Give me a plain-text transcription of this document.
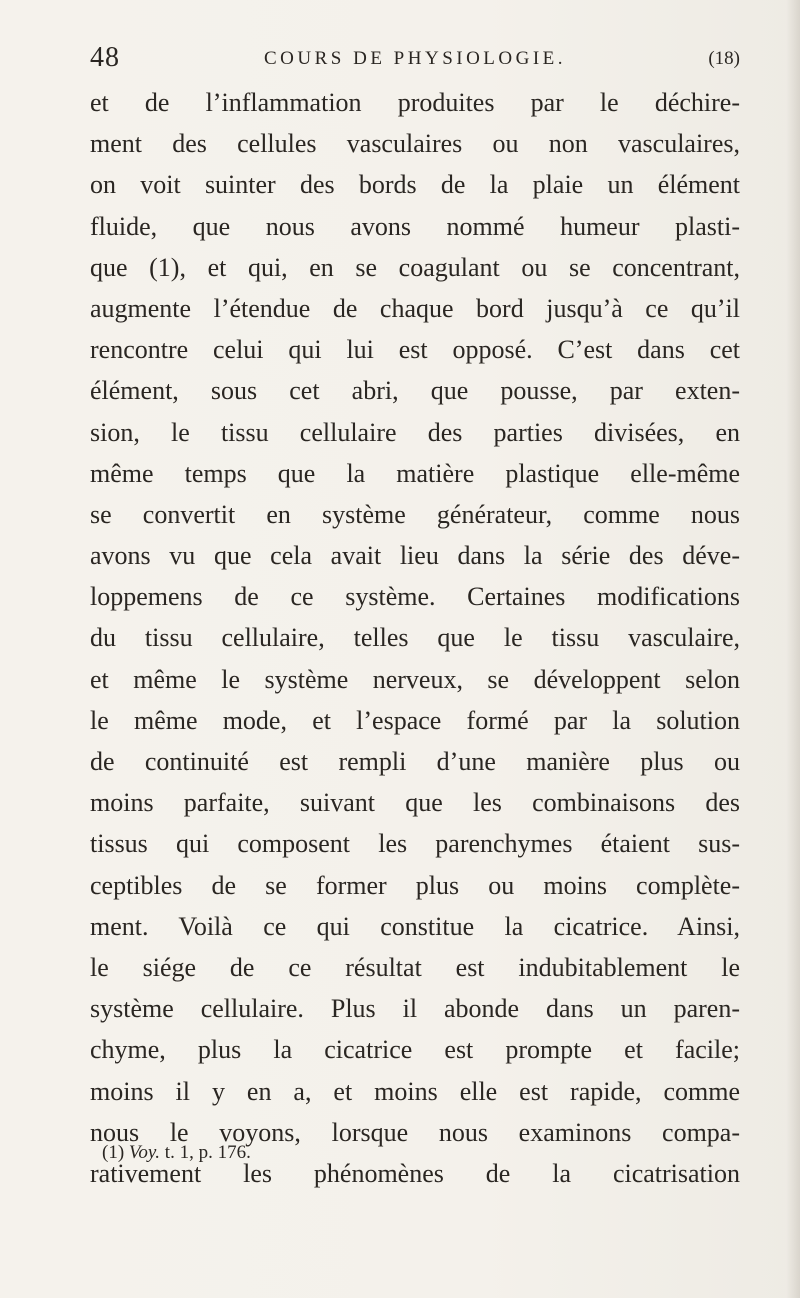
48	COURS DE PHYSIOLOGIE.	(18)
et de l’inflammation produites par le déchire-
ment des cellules vasculaires ou non vasculaires,
on voit suinter des bords de la plaie un élément
fluide, que nous avons nommé humeur plasti-
que (1), et qui, en se coagulant ou se concentrant,
augmente l’étendue de chaque bord jusqu’à ce qu’il
rencontre celui qui lui est opposé. C’est dans cet
élément, sous cet abri, que pousse, par exten-
sion, le tissu cellulaire des parties divisées, en
même temps que la matière plastique elle-même
se convertit en système générateur, comme nous
avons vu que cela avait lieu dans la série des déve-
loppemens de ce système. Certaines modifications
du tissu cellulaire, telles que le tissu vasculaire,
et même le système nerveux, se développent selon
le même mode, et l’espace formé par la solution
de continuité est rempli d’une manière plus ou
moins parfaite, suivant que les combinaisons des
tissus qui composent les parenchymes étaient sus-
ceptibles de se former plus ou moins complète-
ment. Voilà ce qui constitue la cicatrice. Ainsi,
le siége de ce résultat est indubitablement le
système cellulaire. Plus il abonde dans un paren-
chyme, plus la cicatrice est prompte et facile;
moins il y en a, et moins elle est rapide, comme
nous le voyons, lorsque nous examinons compa-
rativement les phénomènes de la cicatrisation
(1) Voy. t. 1, p. 176.
